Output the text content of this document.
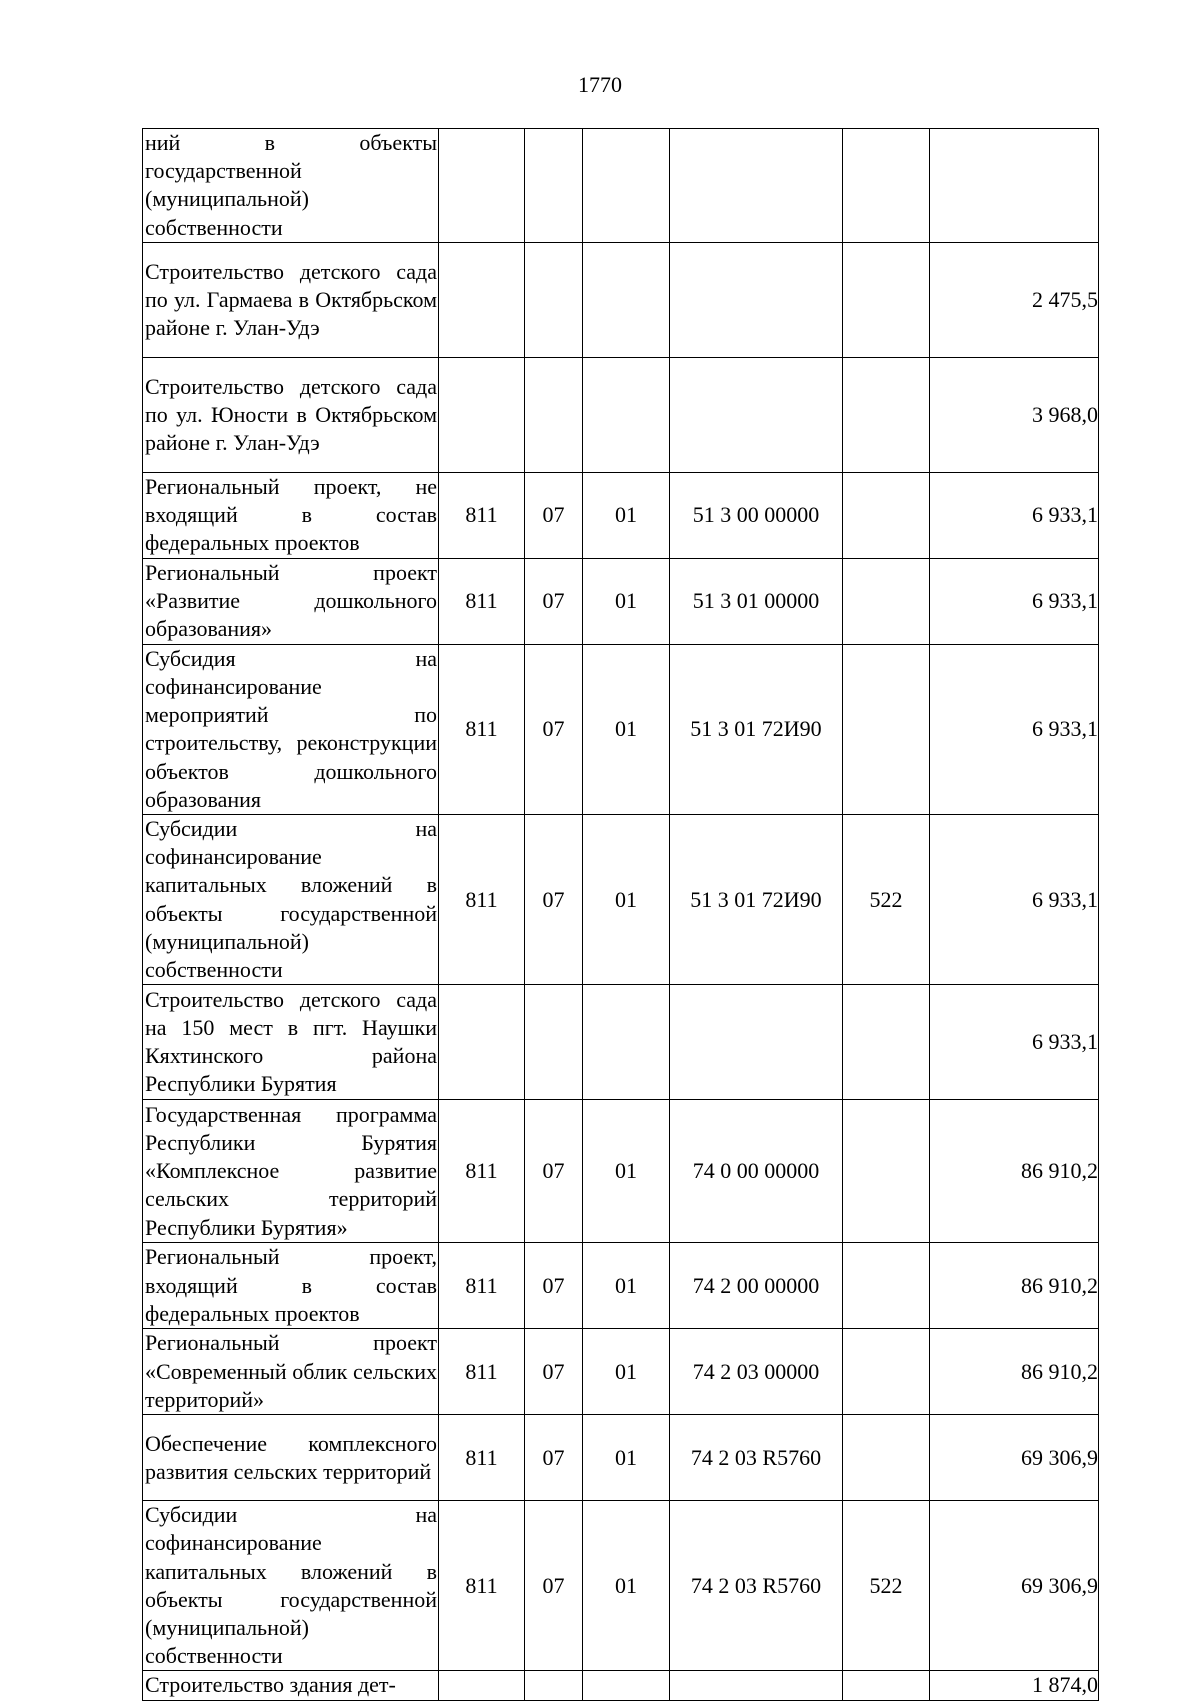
1770
ний в объекты государственной (муниципальной) собственности						
Строительство детского сада по ул. Гармаева в Октябрьском районе г. Улан-Удэ						2 475,5
Строительство детского сада по ул. Юности в Октябрьском районе г. Улан-Удэ						3 968,0
Региональный проект, не входящий в состав федеральных проектов	811	07	01	51 3 00 00000		6 933,1
Региональный проект «Развитие дошкольного образования»	811	07	01	51 3 01 00000		6 933,1
Субсидия на софинансирование мероприятий по строительству, реконструкции объектов дошкольного образования	811	07	01	51 3 01 72И90		6 933,1
Субсидии на софинансирование капитальных вложений в объекты государственной (муниципальной) собственности	811	07	01	51 3 01 72И90	522	6 933,1
Строительство детского сада на 150 мест в пгт. Наушки Кяхтинского района Республики Бурятия						6 933,1
Государственная программа Республики Бурятия «Комплексное развитие сельских территорий Республики Бурятия»	811	07	01	74 0 00 00000		86 910,2
Региональный проект, входящий в состав федеральных проектов	811	07	01	74 2 00 00000		86 910,2
Региональный проект «Современный облик сельских территорий»	811	07	01	74 2 03 00000		86 910,2
Обеспечение комплексного развития сельских территорий	811	07	01	74 2 03 R5760		69 306,9
Субсидии на софинансирование капитальных вложений в объекты государственной (муниципальной) собственности	811	07	01	74 2 03 R5760	522	69 306,9
Строительство здания дет-						1 874,0
